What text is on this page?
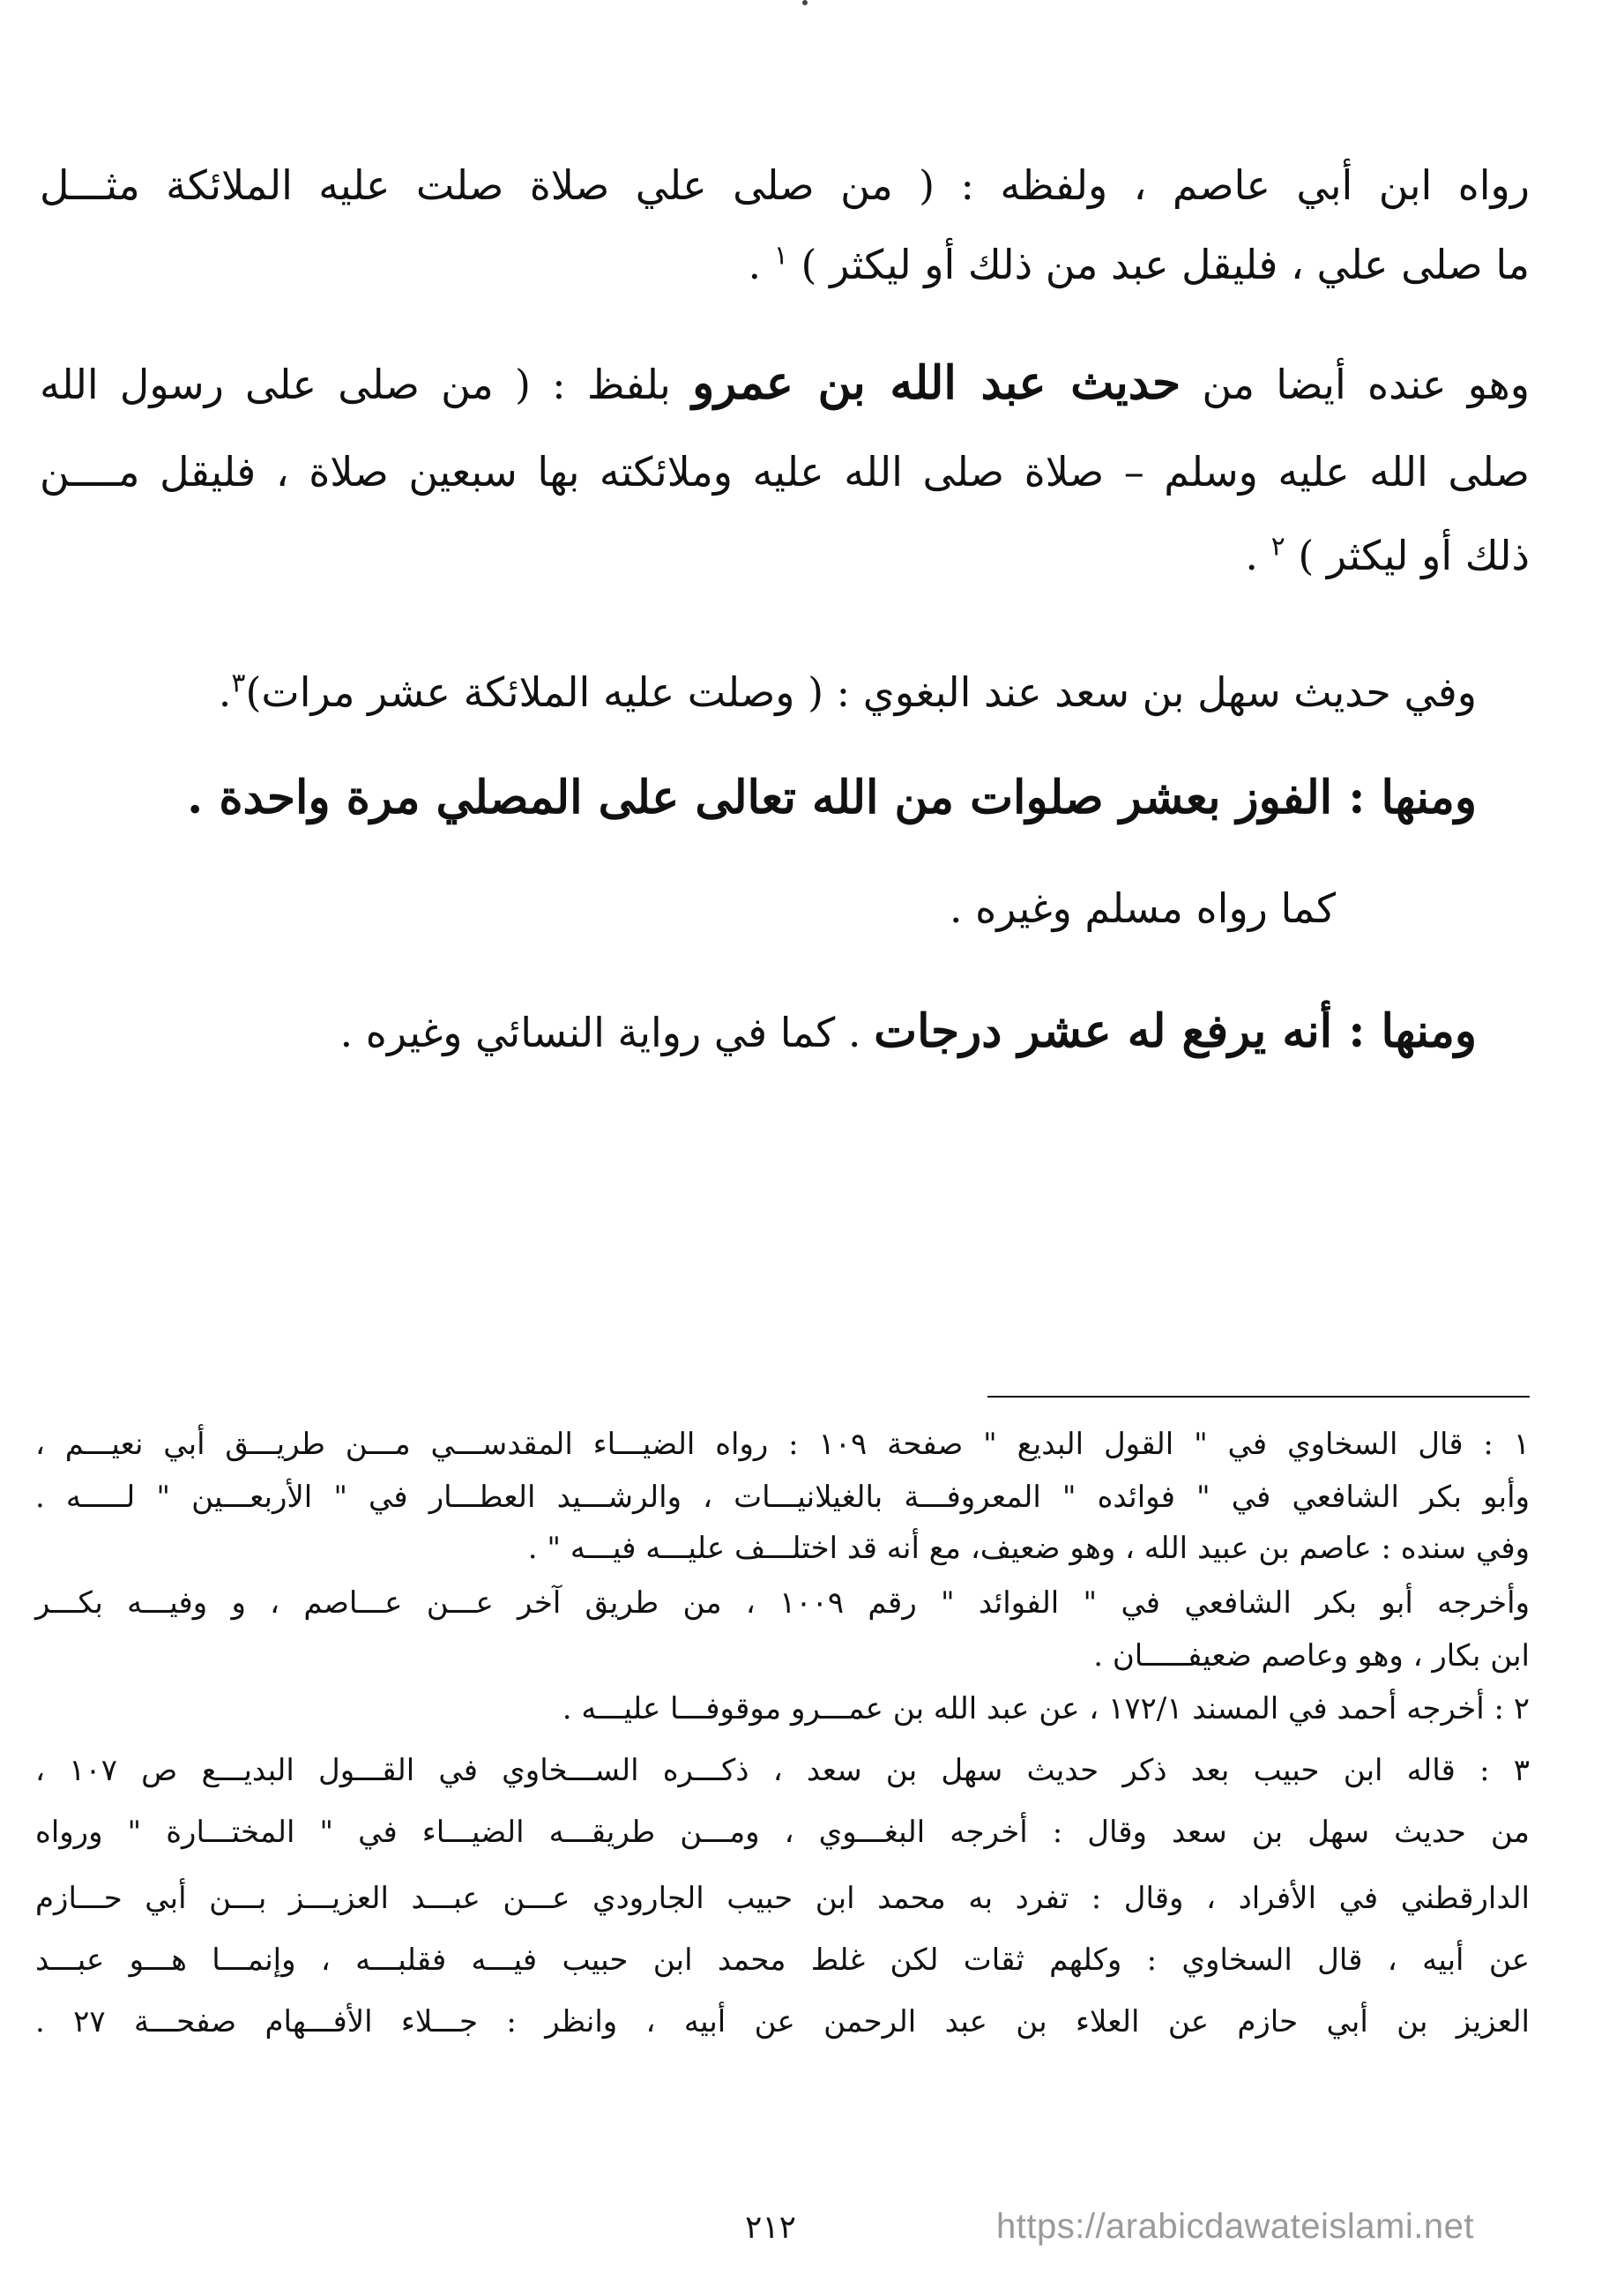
رواه ابن أبي عاصم ، ولفظه : ( من صلى علي صلاة صلت عليه الملائكة مثـــل
ما صلى علي ، فليقل عبد من ذلك أو ليكثر ) $^١$ .
وهو عنده أيضا من حديث عبد الله بن عمرو بلفظ : ( من صلى على رسول الله
صلى الله عليه وسلم – صلاة صلى الله عليه وملائكته بها سبعين صلاة ، فليقل مــــن
ذلك أو ليكثر ) $^٢$ .
وفي حديث سهل بن سعد عند البغوي : ( وصلت عليه الملائكة عشر مرات)$^٣$.
ومنها : الفوز بعشر صلوات من الله تعالى على المصلي مرة واحدة .
كما رواه مسلم وغيره .
ومنها : أنه يرفع له عشر درجات . كما في رواية النسائي وغيره .
١ : قال السخاوي في " القول البديع " صفحة ١٠٩ : رواه الضيـــاء المقدســـي مـــن طريـــق أبي نعيـــم ،
وأبو بكر الشافعي في " فوائده " المعروفـــة بالغيلانيـــات ، والرشـــيد العطـــار في " الأربعـــين " لـــــه .
وفي سنده : عاصم بن عبيد الله ، وهو ضعيف، مع أنه قد اختلـــف عليـــه فيـــه " .
وأخرجه أبو بكر الشافعي في " الفوائد " رقم ١٠٠٩ ، من طريق آخر عـــن عـــاصم ، و وفيـــه بكـــر
ابن بكار ، وهو وعاصم ضعيفـــــان .
٢ : أخرجه أحمد في المسند ١٧٢/١ ، عن عبد الله بن عمـــرو موقوفـــا عليـــه .
٣ : قاله ابن حبيب بعد ذكر حديث سهل بن سعد ، ذكـــره الســـخاوي في القـــول البديـــع ص ١٠٧ ،
من حديث سهل بن سعد وقال : أخرجه البغـــوي ، ومـــن طريقـــه الضيـــاء في " المختـــارة " ورواه
الدارقطني في الأفراد ، وقال : تفرد به محمد ابن حبيب الجارودي عـــن عبـــد العزيـــز بـــن أبي حـــازم
عن أبيه ، قال السخاوي : وكلهم ثقات لكن غلط محمد ابن حبيب فيـــه فقلبـــه ، وإنمـــا هـــو عبـــد
العزيز بن أبي حازم عن العلاء بن عبد الرحمن عن أبيه ، وانظر : جـــلاء الأفـــهام صفحـــة ٢٧ .
٢١٢	https://arabicdawateislami.net
